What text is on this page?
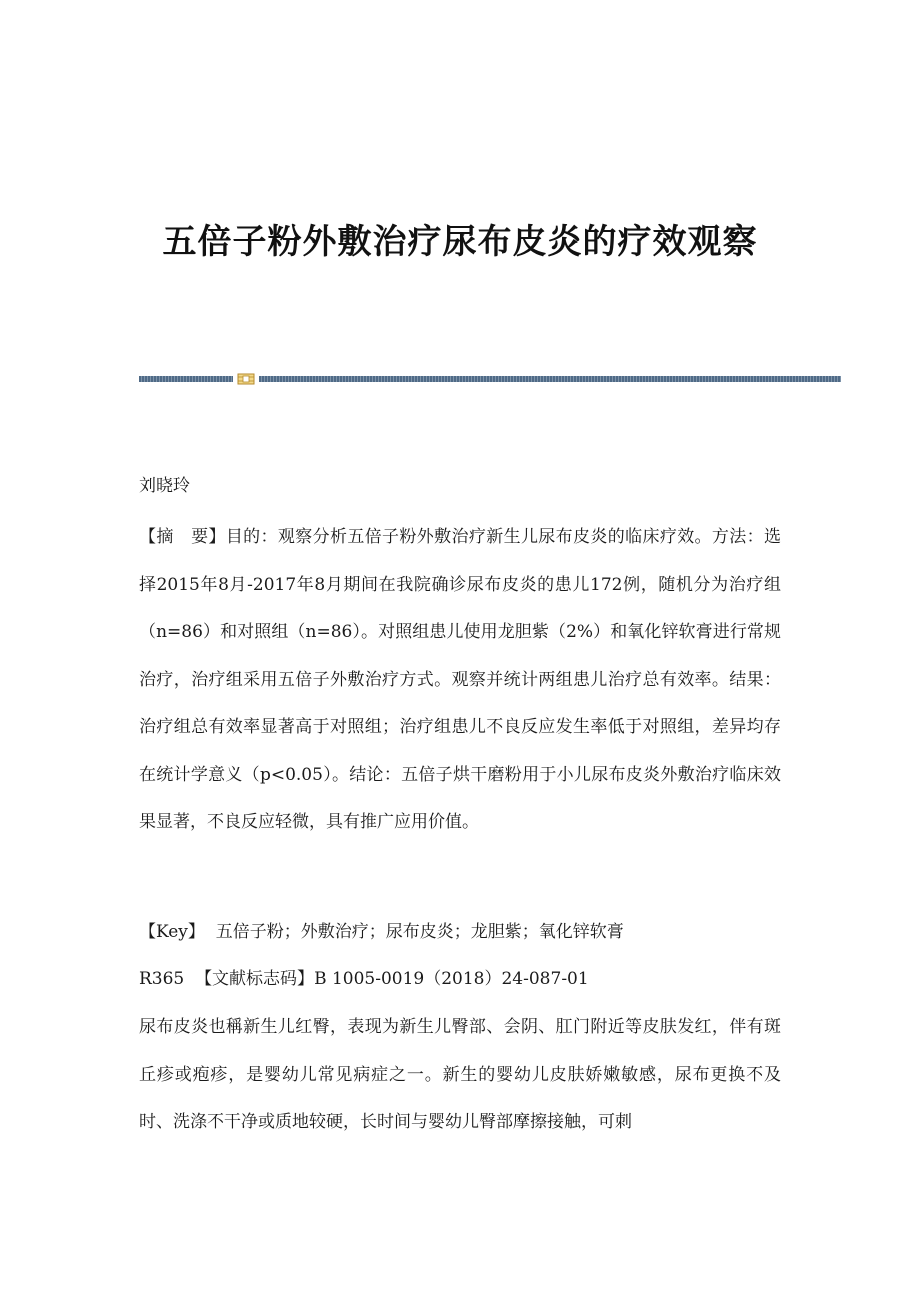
五倍子粉外敷治疗尿布皮炎的疗效观察
刘晓玲
【摘　要】目的：观察分析五倍子粉外敷治疗新生儿尿布皮炎的临床疗效。方法：选择2015年8月-2017年8月期间在我院确诊尿布皮炎的患儿172例，随机分为治疗组（n=86）和对照组（n=86）。对照组患儿使用龙胆紫（2%）和氧化锌软膏进行常规治疗，治疗组采用五倍子外敷治疗方式。观察并统计两组患儿治疗总有效率。结果：治疗组总有效率显著高于对照组；治疗组患儿不良反应发生率低于对照组，差异均存在统计学意义（p<0.05）。结论：五倍子烘干磨粉用于小儿尿布皮炎外敷治疗临床效果显著，不良反应轻微，具有推广应用价值。
【Key】 五倍子粉；外敷治疗；尿布皮炎；龙胆紫；氧化锌软膏
R365 【文献标志码】B 1005-0019（2018）24-087-01
尿布皮炎也稱新生儿红臀，表现为新生儿臀部、会阴、肛门附近等皮肤发红，伴有斑丘疹或疱疹，是婴幼儿常见病症之一。新生的婴幼儿皮肤娇嫩敏感，尿布更换不及时、洗涤不干净或质地较硬，长时间与婴幼儿臀部摩擦接触，可刺
